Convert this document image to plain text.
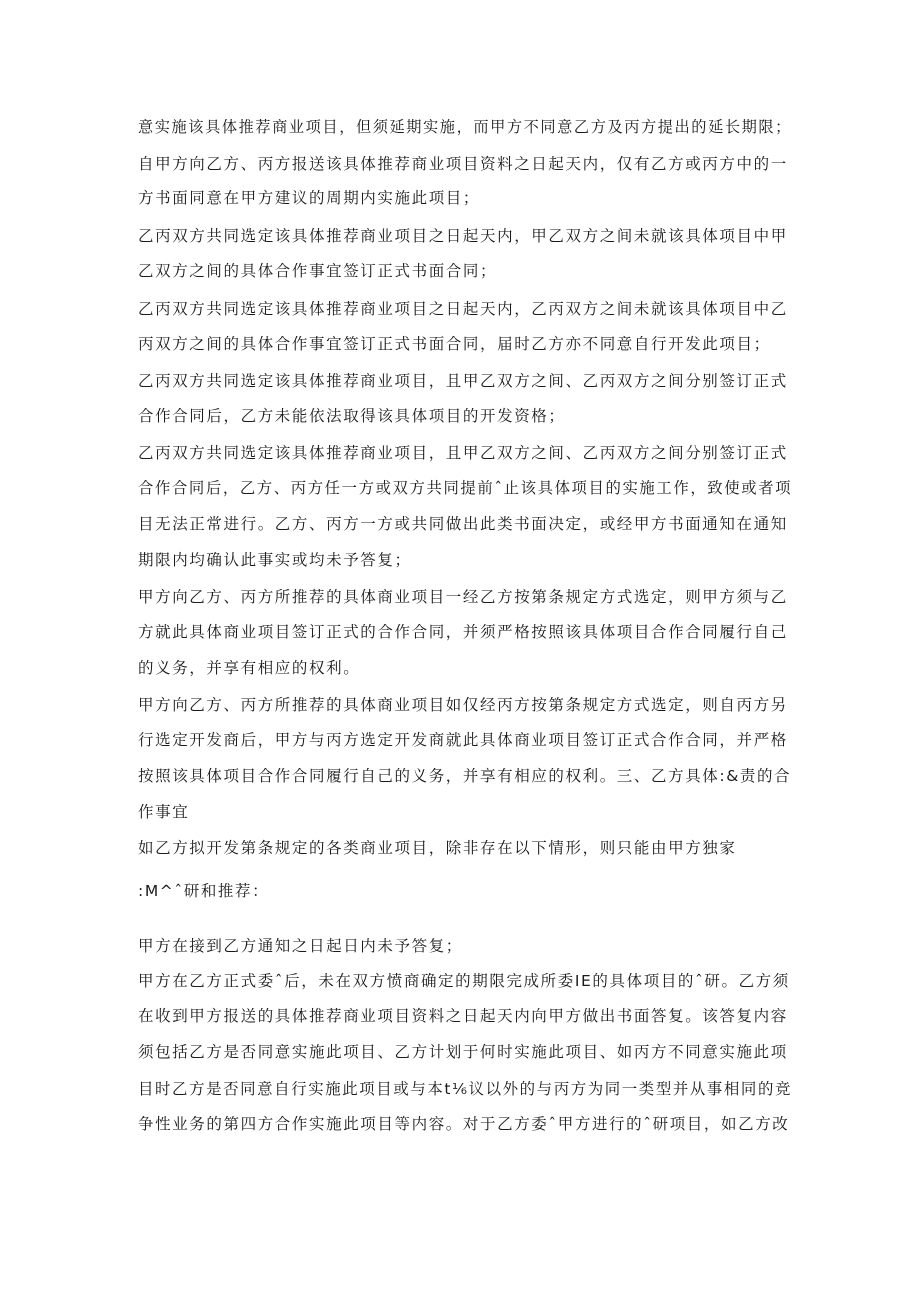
意实施该具体推荐商业项目，但须延期实施，而甲方不同意乙方及丙方提出的延长期限；
自甲方向乙方、丙方报送该具体推荐商业项目资料之日起天内，仅有乙方或丙方中的一
方书面同意在甲方建议的周期内实施此项目；
乙丙双方共同选定该具体推荐商业项目之日起天内，甲乙双方之间未就该具体项目中甲
乙双方之间的具体合作事宜签订正式书面合同；
乙丙双方共同选定该具体推荐商业项目之日起天内，乙丙双方之间未就该具体项目中乙
丙双方之间的具体合作事宜签订正式书面合同，届时乙方亦不同意自行开发此项目；
乙丙双方共同选定该具体推荐商业项目，且甲乙双方之间、乙丙双方之间分别签订正式
合作合同后，乙方未能依法取得该具体项目的开发资格；
乙丙双方共同选定该具体推荐商业项目，且甲乙双方之间、乙丙双方之间分别签订正式
合作合同后，乙方、丙方任一方或双方共同提前ˆ止该具体项目的实施工作，致使或者项
目无法正常进行。乙方、丙方一方或共同做出此类书面决定，或经甲方书面通知在通知
期限内均确认此事实或均未予答复；
甲方向乙方、丙方所推荐的具体商业项目一经乙方按第条规定方式选定，则甲方须与乙
方就此具体商业项目签订正式的合作合同，并须严格按照该具体项目合作合同履行自己
的义务，并享有相应的权利。
甲方向乙方、丙方所推荐的具体商业项目如仅经丙方按第条规定方式选定，则自丙方另
行选定开发商后，甲方与丙方选定开发商就此具体商业项目签订正式合作合同，并严格
按照该具体项目合作合同履行自己的义务，并享有相应的权利。三、乙方具体:&责的合
作事宜
如乙方拟开发第条规定的各类商业项目，除非存在以下情形，则只能由甲方独家
:M^ˆ研和推荐：
甲方在接到乙方通知之日起日内未予答复；
甲方在乙方正式委ˆ后，未在双方愤商确定的期限完成所委IE的具体项目的ˆ研。乙方须
在收到甲方报送的具体推荐商业项目资料之日起天内向甲方做出书面答复。该答复内容
须包括乙方是否同意实施此项目、乙方计划于何时实施此项目、如丙方不同意实施此项
目时乙方是否同意自行实施此项目或与本t⅙议以外的与丙方为同一类型并从事相同的竞
争性业务的第四方合作实施此项目等内容。对于乙方委ˆ甲方进行的ˆ研项目，如乙方改
